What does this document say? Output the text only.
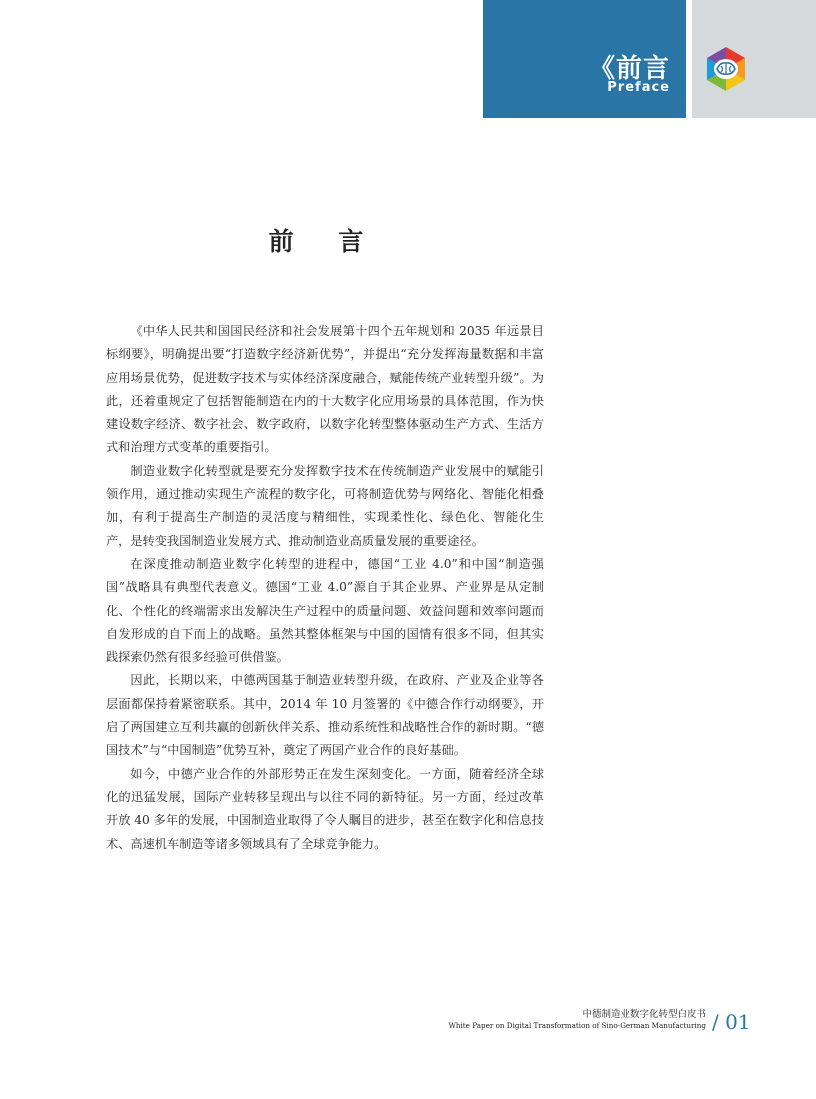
《前言
Preface
前 言

《中华人民共和国国民经济和社会发展第十四个五年规划和 2035 年远景目标纲要》，明确提出要“打造数字经济新优势”，并提出“充分发挥海量数据和丰富应用场景优势，促进数字技术与实体经济深度融合，赋能传统产业转型升级”。为此，还着重规定了包括智能制造在内的十大数字化应用场景的具体范围，作为快建设数字经济、数字社会、数字政府，以数字化转型整体驱动生产方式、生活方式和治理方式变革的重要指引。

制造业数字化转型就是要充分发挥数字技术在传统制造产业发展中的赋能引领作用，通过推动实现生产流程的数字化，可将制造优势与网络化、智能化相叠加，有利于提高生产制造的灵活度与精细性，实现柔性化、绿色化、智能化生产，是转变我国制造业发展方式、推动制造业高质量发展的重要途径。

在深度推动制造业数字化转型的进程中，德国“工业 4.0”和中国“制造强国”战略具有典型代表意义。德国“工业 4.0”源自于其企业界、产业界是从定制化、个性化的终端需求出发解决生产过程中的质量问题、效益问题和效率问题而自发形成的自下而上的战略。虽然其整体框架与中国的国情有很多不同，但其实践探索仍然有很多经验可供借鉴。

因此，长期以来，中德两国基于制造业转型升级，在政府、产业及企业等各层面都保持着紧密联系。其中，2014 年 10 月签署的《中德合作行动纲要》，开启了两国建立互利共赢的创新伙伴关系、推动系统性和战略性合作的新时期。“德国技术”与“中国制造”优势互补，奠定了两国产业合作的良好基础。

如今，中德产业合作的外部形势正在发生深刻变化。一方面，随着经济全球化的迅猛发展，国际产业转移呈现出与以往不同的新特征。另一方面，经过改革开放 40 多年的发展，中国制造业取得了令人瞩目的进步，甚至在数字化和信息技术、高速机车制造等诸多领域具有了全球竞争能力。

中德制造业数字化转型白皮书
White Paper on Digital Transformation of Sino-German Manufacturing / 01
